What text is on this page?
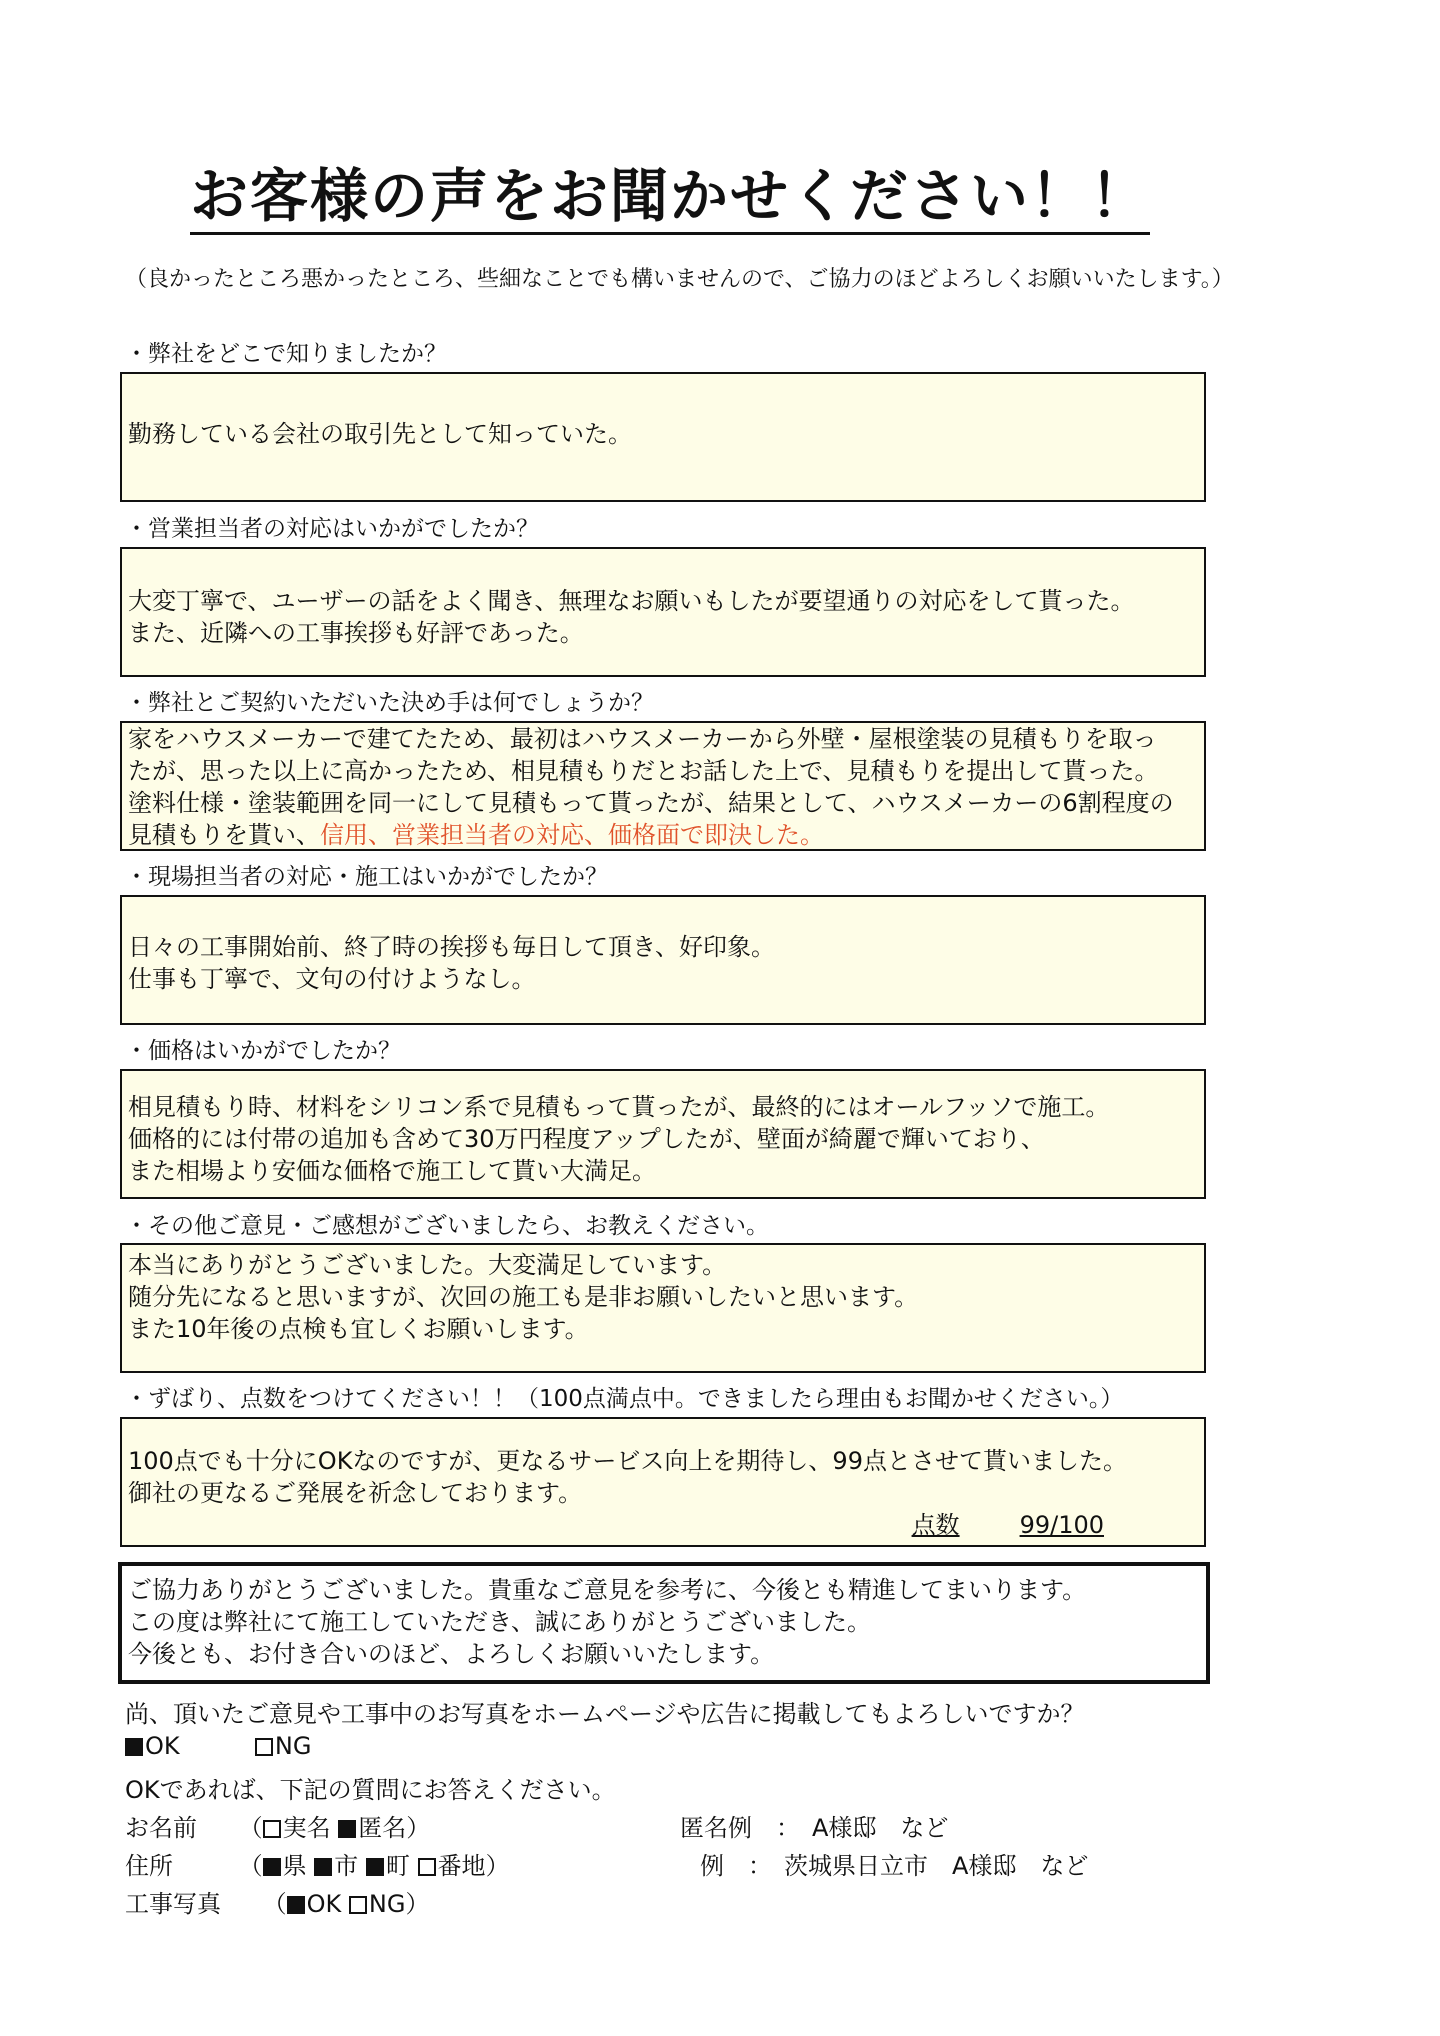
お客様の声をお聞かせください！！
（良かったところ悪かったところ、些細なことでも構いませんので、ご協力のほどよろしくお願いいたします。）
・弊社をどこで知りましたか？
勤務している会社の取引先として知っていた。
・営業担当者の対応はいかがでしたか？
大変丁寧で、ユーザーの話をよく聞き、無理なお願いもしたが要望通りの対応をして貰った。
また、近隣への工事挨拶も好評であった。
・弊社とご契約いただいた決め手は何でしょうか？
家をハウスメーカーで建てたため、最初はハウスメーカーから外壁・屋根塗装の見積もりを取っ
たが、思った以上に高かったため、相見積もりだとお話した上で、見積もりを提出して貰った。
塗料仕様・塗装範囲を同一にして見積もって貰ったが、結果として、ハウスメーカーの6割程度の
見積もりを貰い、信用、営業担当者の対応、価格面で即決した。
・現場担当者の対応・施工はいかがでしたか？
日々の工事開始前、終了時の挨拶も毎日して頂き、好印象。
仕事も丁寧で、文句の付けようなし。
・価格はいかがでしたか？
相見積もり時、材料をシリコン系で見積もって貰ったが、最終的にはオールフッソで施工。
価格的には付帯の追加も含めて30万円程度アップしたが、壁面が綺麗で輝いており、
また相場より安価な価格で施工して貰い大満足。
・その他ご意見・ご感想がございましたら、お教えください。
本当にありがとうございました。大変満足しています。
随分先になると思いますが、次回の施工も是非お願いしたいと思います。
また10年後の点検も宜しくお願いします。
・ずばり、点数をつけてください！！（100点満点中。できましたら理由もお聞かせください。）
100点でも十分にOKなのですが、更なるサービス向上を期待し、99点とさせて貰いました。
御社の更なるご発展を祈念しております。
点数	99/100
ご協力ありがとうございました。貴重なご意見を参考に、今後とも精進してまいります。
この度は弊社にて施工していただき、誠にありがとうございました。
今後とも、お付き合いのほど、よろしくお願いいたします。
尚、頂いたご意見や工事中のお写真をホームページや広告に掲載してもよろしいですか？
OK	NG
OKであれば、下記の質問にお答えください。
お名前 （ 実名 匿名）	匿名例　：　A様邸　など
住所	（ 県 市 町 番地）	例　：　茨城県日立市　A様邸　など
工事写真 （ OK NG）
